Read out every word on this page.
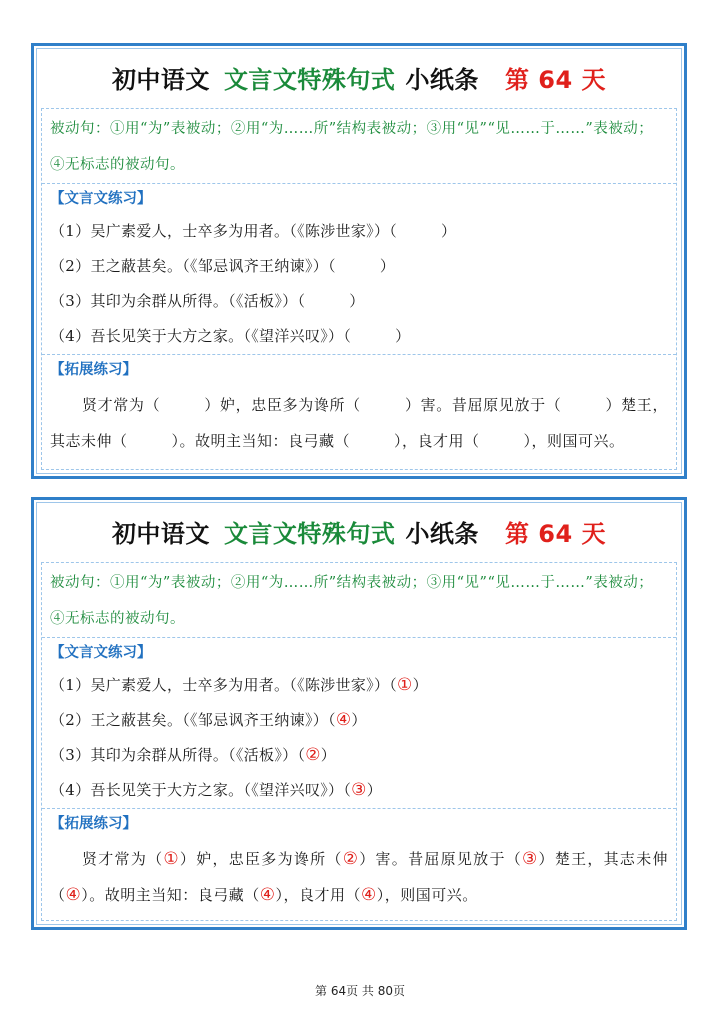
初中语文 文言文特殊句式 小纸条 第 64 天
被动句：①用“为”表被动；②用“为……所”结构表被动；③用“见”“见……于……”表被动；④无标志的被动句。
【文言文练习】
（1）吴广素爱人，士卒多为用者。（《陈涉世家》）（	）
（2）王之蔽甚矣。（《邹忌讽齐王纳谏》）（	）
（3）其印为余群从所得。（《活板》）（	）
（4）吾长见笑于大方之家。（《望洋兴叹》）（	）
【拓展练习】
贤才常为（	）妒，忠臣多为谗所（	）害。昔屈原见放于（	）楚王，其志未伸（	）。故明主当知：良弓藏（	），良才用（	），则国可兴。
初中语文 文言文特殊句式 小纸条 第 64 天
被动句：①用“为”表被动；②用“为……所”结构表被动；③用“见”“见……于……”表被动；④无标志的被动句。
【文言文练习】
（1）吴广素爱人，士卒多为用者。（《陈涉世家》）（①）
（2）王之蔽甚矣。（《邹忌讽齐王纳谏》）（④）
（3）其印为余群从所得。（《活板》）（②）
（4）吾长见笑于大方之家。（《望洋兴叹》）（③）
【拓展练习】
贤才常为（①）妒，忠臣多为谗所（②）害。昔屈原见放于（③）楚王，其志未伸（④）。故明主当知：良弓藏（④），良才用（④），则国可兴。
第 64页 共 80页
